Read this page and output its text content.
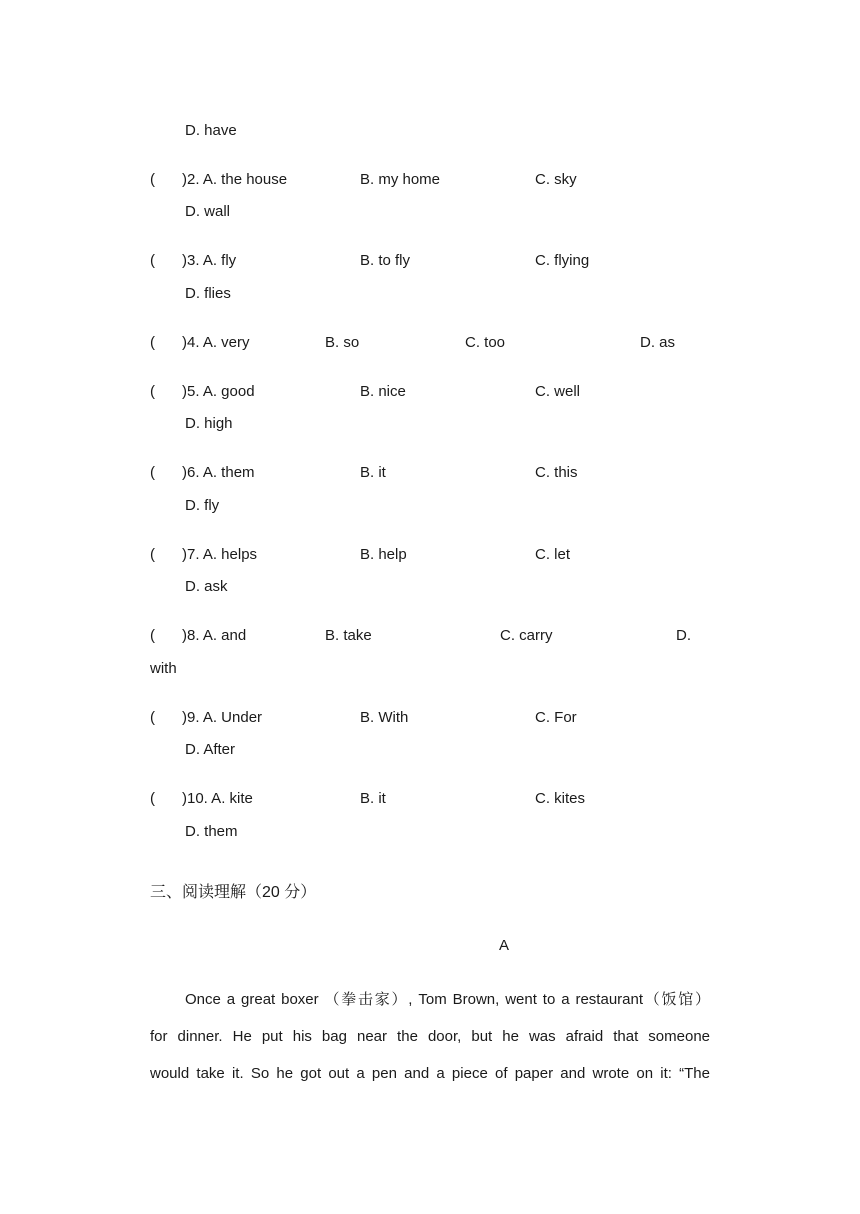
D. have
( )2. A. the house	B. my home	C. sky
D. wall
( )3. A. fly	B. to fly	C. flying
D. flies
( )4. A. very	B. so	C. too	D. as
( )5. A. good	B. nice	C. well
D. high
( )6. A. them	B. it	C. this
D. fly
( )7. A. helps	B. help	C. let
D. ask
( )8. A. and	B. take	C. carry	D.
with
( )9. A. Under	B. With	C. For
D. After
( )10. A. kite	B. it	C. kites
D. them
三、阅读理解（20 分）
A
Once a great boxer （拳击家）, Tom Brown, went to a restaurant（饭馆）
for dinner. He put his bag near the door, but he was afraid that someone
would take it. So he got out a pen and a piece of paper and wrote on it: “The
